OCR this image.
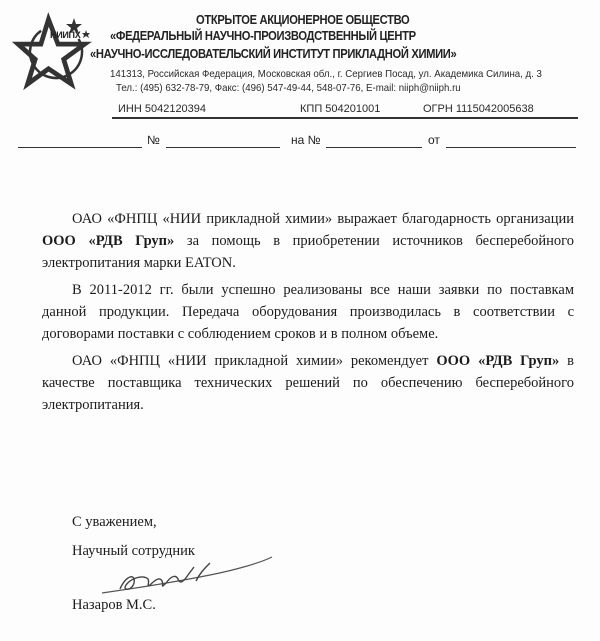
НИИПХ
ОТКРЫТОЕ АКЦИОНЕРНОЕ ОБЩЕСТВО
«ФЕДЕРАЛЬНЫЙ НАУЧНО-ПРОИЗВОДСТВЕННЫЙ ЦЕНТР
«НАУЧНО-ИССЛЕДОВАТЕЛЬСКИЙ ИНСТИТУТ ПРИКЛАДНОЙ ХИМИИ»
141313, Российская Федерация, Московская обл., г. Сергиев Посад, ул. Академика Силина, д. 3
Тел.: (495) 632-78-79, Факс: (496) 547-49-44, 548-07-76, E-mail: niiph@niiph.ru
ИНН 5042120394	КПП 504201001	ОГРН 1115042005638
№	на №	от

ОАО «ФНПЦ «НИИ прикладной химии» выражает благодарность организации ООО «РДВ Груп» за помощь в приобретении источников бесперебойного электропитания марки EATON.

В 2011-2012 гг. были успешно реализованы все наши заявки по поставкам данной продукции. Передача оборудования производилась в соответствии с договорами поставки с соблюдением сроков и в полном объеме.

ОАО «ФНПЦ «НИИ прикладной химии» рекомендует ООО «РДВ Груп» в качестве поставщика технических решений по обеспечению бесперебойного электропитания.

С уважением,
Научный сотрудник
Назаров М.С.
